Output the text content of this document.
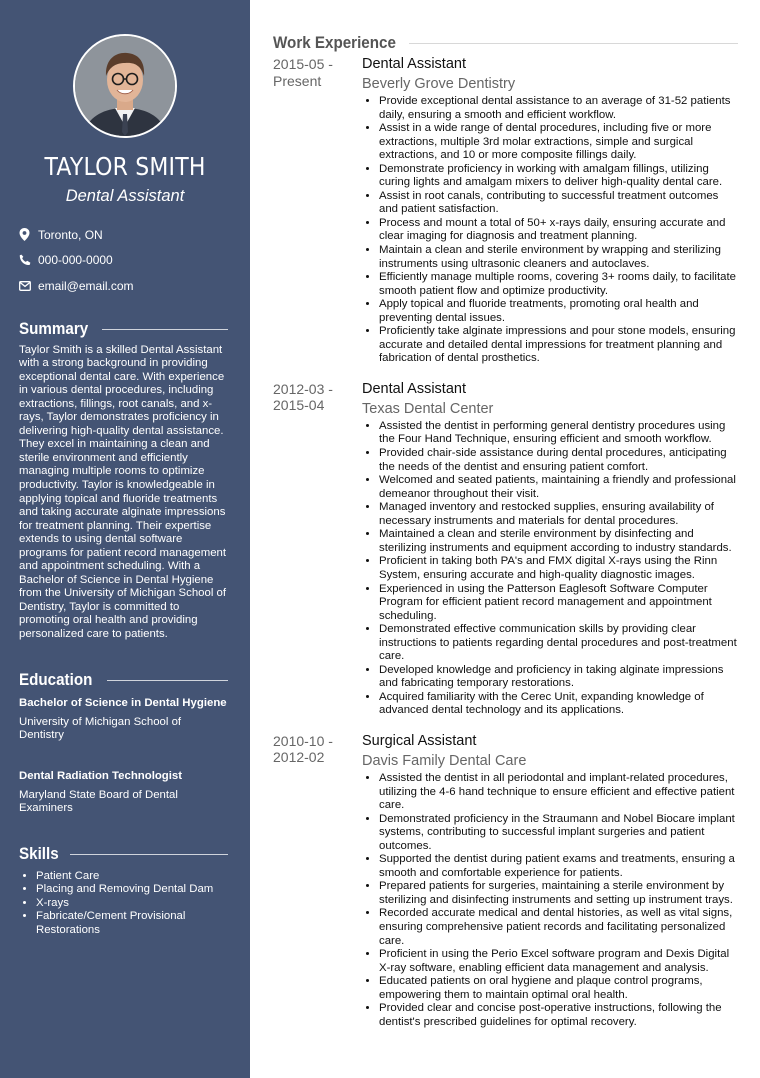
TAYLOR SMITH
Dental Assistant
Toronto, ON
000-000-0000
email@email.com
Summary
Taylor Smith is a skilled Dental Assistant with a strong background in providing exceptional dental care. With experience in various dental procedures, including extractions, fillings, root canals, and x-rays, Taylor demonstrates proficiency in delivering high-quality dental assistance. They excel in maintaining a clean and sterile environment and efficiently managing multiple rooms to optimize productivity. Taylor is knowledgeable in applying topical and fluoride treatments and taking accurate alginate impressions for treatment planning. Their expertise extends to using dental software programs for patient record management and appointment scheduling. With a Bachelor of Science in Dental Hygiene from the University of Michigan School of Dentistry, Taylor is committed to promoting oral health and providing personalized care to patients.
Education
Bachelor of Science in Dental Hygiene
University of Michigan School of Dentistry
Dental Radiation Technologist
Maryland State Board of Dental Examiners
Skills
• Patient Care
• Placing and Removing Dental Dam
• X-rays
• Fabricate/Cement Provisional Restorations
Work Experience
2015-05 - Present
Dental Assistant
Beverly Grove Dentistry
• Provide exceptional dental assistance to an average of 31-52 patients daily, ensuring a smooth and efficient workflow.
• Assist in a wide range of dental procedures, including five or more extractions, multiple 3rd molar extractions, simple and surgical extractions, and 10 or more composite fillings daily.
• Demonstrate proficiency in working with amalgam fillings, utilizing curing lights and amalgam mixers to deliver high-quality dental care.
• Assist in root canals, contributing to successful treatment outcomes and patient satisfaction.
• Process and mount a total of 50+ x-rays daily, ensuring accurate and clear imaging for diagnosis and treatment planning.
• Maintain a clean and sterile environment by wrapping and sterilizing instruments using ultrasonic cleaners and autoclaves.
• Efficiently manage multiple rooms, covering 3+ rooms daily, to facilitate smooth patient flow and optimize productivity.
• Apply topical and fluoride treatments, promoting oral health and preventing dental issues.
• Proficiently take alginate impressions and pour stone models, ensuring accurate and detailed dental impressions for treatment planning and fabrication of dental prosthetics.
2012-03 - 2015-04
Dental Assistant
Texas Dental Center
• Assisted the dentist in performing general dentistry procedures using the Four Hand Technique, ensuring efficient and smooth workflow.
• Provided chair-side assistance during dental procedures, anticipating the needs of the dentist and ensuring patient comfort.
• Welcomed and seated patients, maintaining a friendly and professional demeanor throughout their visit.
• Managed inventory and restocked supplies, ensuring availability of necessary instruments and materials for dental procedures.
• Maintained a clean and sterile environment by disinfecting and sterilizing instruments and equipment according to industry standards.
• Proficient in taking both PA's and FMX digital X-rays using the Rinn System, ensuring accurate and high-quality diagnostic images.
• Experienced in using the Patterson Eaglesoft Software Computer Program for efficient patient record management and appointment scheduling.
• Demonstrated effective communication skills by providing clear instructions to patients regarding dental procedures and post-treatment care.
• Developed knowledge and proficiency in taking alginate impressions and fabricating temporary restorations.
• Acquired familiarity with the Cerec Unit, expanding knowledge of advanced dental technology and its applications.
2010-10 - 2012-02
Surgical Assistant
Davis Family Dental Care
• Assisted the dentist in all periodontal and implant-related procedures, utilizing the 4-6 hand technique to ensure efficient and effective patient care.
• Demonstrated proficiency in the Straumann and Nobel Biocare implant systems, contributing to successful implant surgeries and patient outcomes.
• Supported the dentist during patient exams and treatments, ensuring a smooth and comfortable experience for patients.
• Prepared patients for surgeries, maintaining a sterile environment by sterilizing and disinfecting instruments and setting up instrument trays.
• Recorded accurate medical and dental histories, as well as vital signs, ensuring comprehensive patient records and facilitating personalized care.
• Proficient in using the Perio Excel software program and Dexis Digital X-ray software, enabling efficient data management and analysis.
• Educated patients on oral hygiene and plaque control programs, empowering them to maintain optimal oral health.
• Provided clear and concise post-operative instructions, following the dentist's prescribed guidelines for optimal recovery.
